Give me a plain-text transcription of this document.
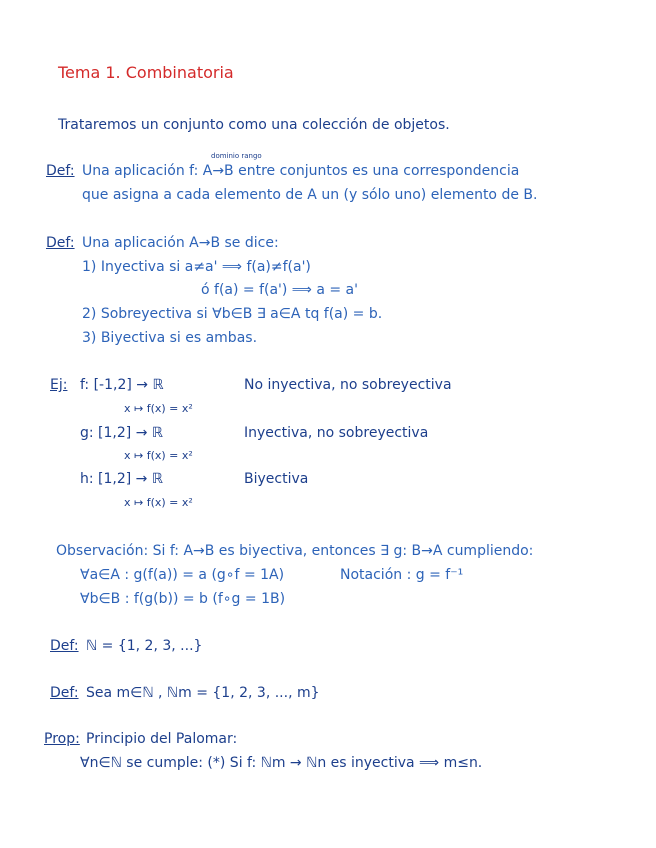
Tema 1. Combinatoria
Trataremos un conjunto como una colección de objetos.
dominio rango
Def: Una aplicación f: A→B entre conjuntos es una correspondencia
que asigna a cada elemento de A un (y sólo uno) elemento de B.
Def: Una aplicación A→B se dice:
1) Inyectiva si a≠a' ⟹ f(a)≠f(a')
ó f(a) = f(a') ⟹ a = a'
2) Sobreyectiva si ∀b∈B ∃ a∈A tq f(a) = b.
3) Biyectiva si es ambas.
Ej: f: [-1,2] → ℝ	No inyectiva, no sobreyectiva
x ↦ f(x) = x²
g: [1,2] → ℝ	Inyectiva, no sobreyectiva
x ↦ f(x) = x²
h: [1,2] → ℝ	Biyectiva
x ↦ f(x) = x²
Observación: Si f: A→B es biyectiva, entonces ∃ g: B→A cumpliendo:
∀a∈A : g(f(a)) = a (g∘f = 1A)	Notación : g = f⁻¹
∀b∈B : f(g(b)) = b (f∘g = 1B)
Def: ℕ = {1, 2, 3, ...}
Def: Sea m∈ℕ , ℕm = {1, 2, 3, ..., m}
Prop: Principio del Palomar:
∀n∈ℕ se cumple: (*) Si f: ℕm → ℕn es inyectiva ⟹ m≤n.
